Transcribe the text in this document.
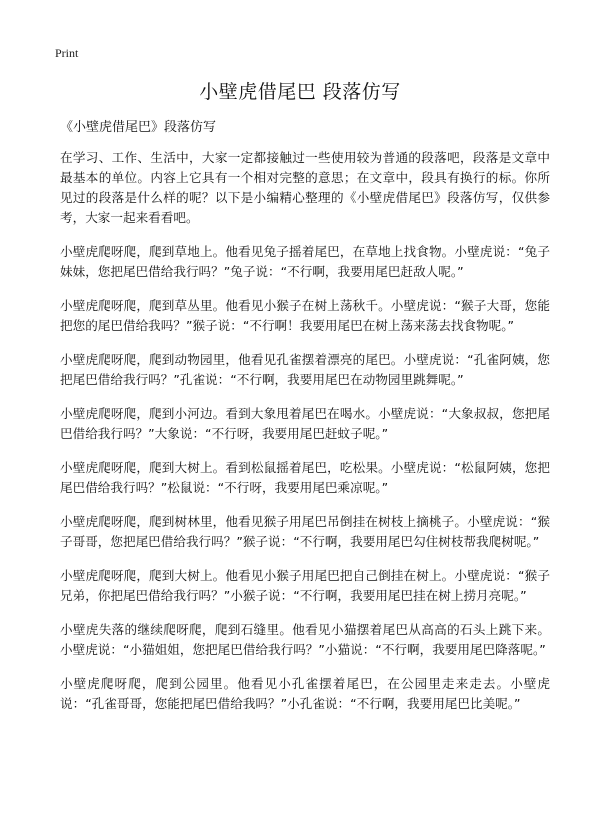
Print
小壁虎借尾巴 段落仿写
《小壁虎借尾巴》段落仿写

在学习、工作、生活中，大家一定都接触过一些使用较为普通的段落吧，段落是文章中最基本的单位。内容上它具有一个相对完整的意思；在文章中，段具有换行的标。你所见过的段落是什么样的呢？以下是小编精心整理的《小壁虎借尾巴》段落仿写，仅供参考，大家一起来看看吧。

小壁虎爬呀爬，爬到草地上。他看见兔子摇着尾巴，在草地上找食物。小壁虎说：“兔子妹妹，您把尾巴借给我行吗？”兔子说：“不行啊，我要用尾巴赶敌人呢。”

小壁虎爬呀爬，爬到草丛里。他看见小猴子在树上荡秋千。小壁虎说：“猴子大哥，您能把您的尾巴借给我吗？”猴子说：“不行啊！我要用尾巴在树上荡来荡去找食物呢。”

小壁虎爬呀爬，爬到动物园里，他看见孔雀摆着漂亮的尾巴。小壁虎说：“孔雀阿姨，您把尾巴借给我行吗？”孔雀说：“不行啊，我要用尾巴在动物园里跳舞呢。”

小壁虎爬呀爬，爬到小河边。看到大象甩着尾巴在喝水。小壁虎说：“大象叔叔，您把尾巴借给我行吗？”大象说：“不行呀，我要用尾巴赶蚊子呢。”

小壁虎爬呀爬，爬到大树上。看到松鼠摇着尾巴，吃松果。小壁虎说：“松鼠阿姨，您把尾巴借给我行吗？”松鼠说：“不行呀，我要用尾巴乘凉呢。”

小壁虎爬呀爬，爬到树林里，他看见猴子用尾巴吊倒挂在树枝上摘桃子。小壁虎说：“猴子哥哥，您把尾巴借给我行吗？”猴子说：“不行啊，我要用尾巴勾住树枝帮我爬树呢。”

小壁虎爬呀爬，爬到大树上。他看见小猴子用尾巴把自己倒挂在树上。小壁虎说：“猴子兄弟，你把尾巴借给我行吗？”小猴子说：“不行啊，我要用尾巴挂在树上捞月亮呢。”

小壁虎失落的继续爬呀爬，爬到石缝里。他看见小猫摆着尾巴从高高的石头上跳下来。小壁虎说：“小猫姐姐，您把尾巴借给我行吗？”小猫说：“不行啊，我要用尾巴降落呢。”

小壁虎爬呀爬，爬到公园里。他看见小孔雀摆着尾巴，在公园里走来走去。小壁虎说：“孔雀哥哥，您能把尾巴借给我吗？”小孔雀说：“不行啊，我要用尾巴比美呢。”
